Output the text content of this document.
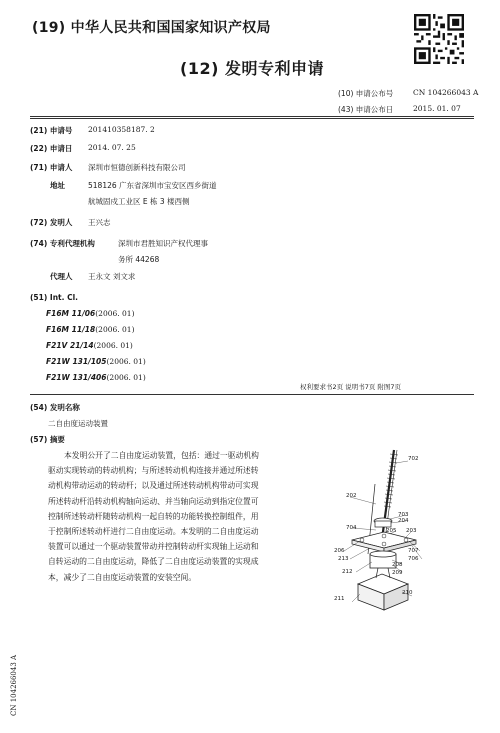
(19) 中华人民共和国国家知识产权局
(12) 发明专利申请
(10) 申请公布号	CN 104266043 A
(43) 申请公布日	2015. 01. 07
(21) 申请号 201410358187. 2
(22) 申请日 2014. 07. 25
(71) 申请人 深圳市恒德创新科技有限公司
地址	518126 广东省深圳市宝安区西乡街道
航城固戍工业区 E 栋 3 楼西侧
(72) 发明人 王兴志
(74) 专利代理机构	深圳市君胜知识产权代理事
务所 44268
代理人 王永文 刘文求
(51) Int. Cl.
F16M 11/06(2006. 01)
F16M 11/18(2006. 01)
F21V 21/14(2006. 01)
F21W 131/105(2006. 01)
F21W 131/406(2006. 01)
权利要求书2页 说明书7页 附图7页
(54) 发明名称
二自由度运动装置
(57) 摘要
本发明公开了二自由度运动装置，包括：通过一驱动机构驱动实现转动的转动机构；与所述转动机构连接并通过所述转动机构带动运动的转动杆；以及通过所述转动机构带动可实现所述转动杆沿转动机构轴向运动、并当轴向运动到指定位置可控制所述转动杆随转动机构一起自转的功能转换控制组件，用于控制所述转动杆进行二自由度运动。本发明的二自由度运动装置可以通过一个驱动装置带动并控制转动杆实现轴上运动和自转运动的二自由度运动，降低了二自由度运动装置的实现成本，减少了二自由度运动装置的安装空间。
702
202
703
204
704	205 203
206
213
707
706
212
208
209
211
210
CN 104266043 A
